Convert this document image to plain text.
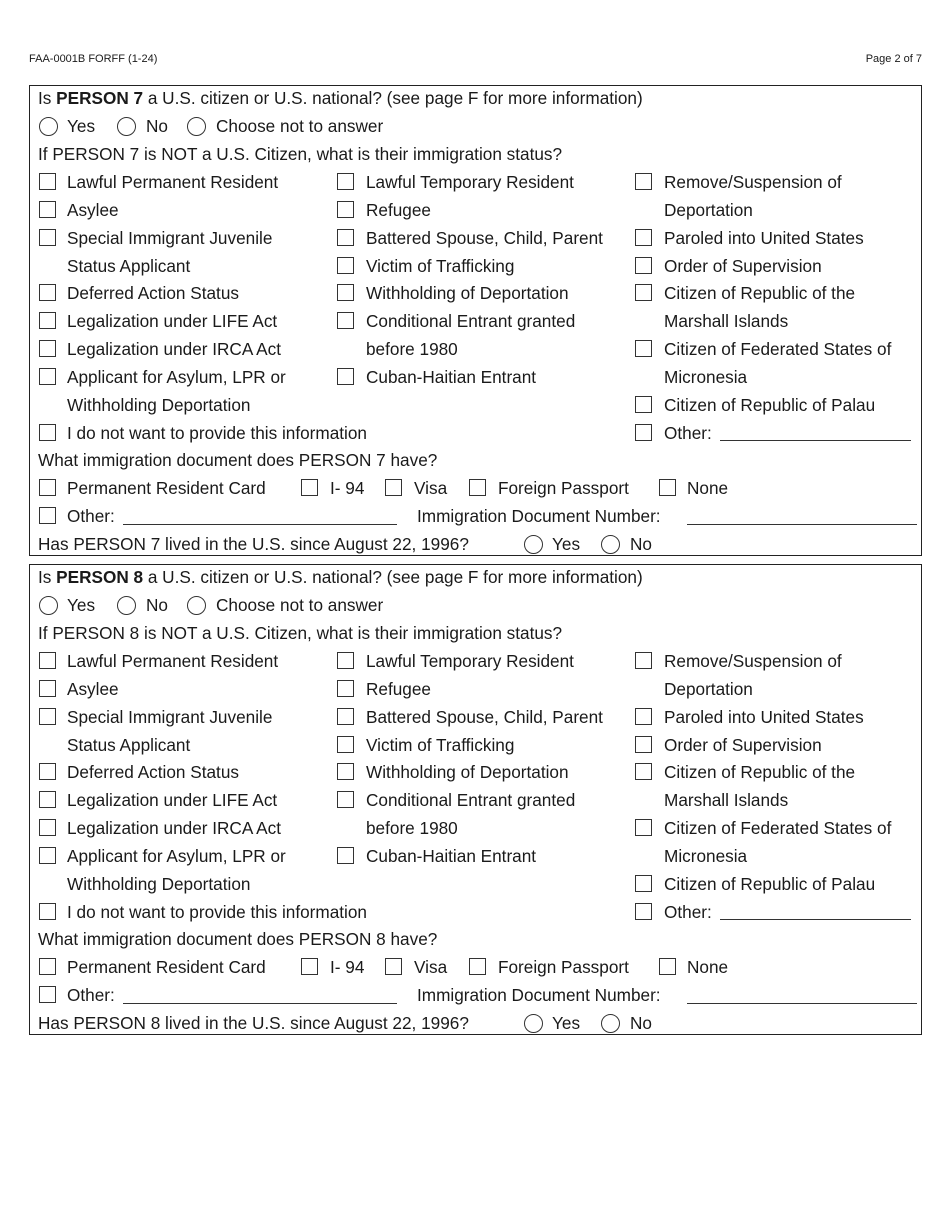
FAA-0001B FORFF (1-24)	Page 2 of 7
Is PERSON 7 a U.S. citizen or U.S. national? (see page F for more information)
Yes	No	Choose not to answer
If PERSON 7 is NOT a U.S. Citizen, what is their immigration status?
Lawful Permanent Resident
Asylee
Special Immigrant Juvenile
Status Applicant
Deferred Action Status
Legalization under LIFE Act
Legalization under IRCA Act
Applicant for Asylum, LPR or
Withholding Deportation
I do not want to provide this information
Lawful Temporary Resident
Refugee
Battered Spouse, Child, Parent
Victim of Trafficking
Withholding of Deportation
Conditional Entrant granted
before 1980
Cuban-Haitian Entrant
Remove/Suspension of
Deportation
Paroled into United States
Order of Supervision
Citizen of Republic of the
Marshall Islands
Citizen of Federated States of
Micronesia
Citizen of Republic of Palau
Other:
What immigration document does PERSON 7 have?
Permanent Resident Card	I- 94	Visa	Foreign Passport	None
Other:	Immigration Document Number:
Has PERSON 7 lived in the U.S. since August 22, 1996?	Yes	No
Is PERSON 8 a U.S. citizen or U.S. national? (see page F for more information)
Yes	No	Choose not to answer
If PERSON 8 is NOT a U.S. Citizen, what is their immigration status?
Lawful Permanent Resident
Asylee
Special Immigrant Juvenile
Status Applicant
Deferred Action Status
Legalization under LIFE Act
Legalization under IRCA Act
Applicant for Asylum, LPR or
Withholding Deportation
I do not want to provide this information
Lawful Temporary Resident
Refugee
Battered Spouse, Child, Parent
Victim of Trafficking
Withholding of Deportation
Conditional Entrant granted
before 1980
Cuban-Haitian Entrant
Remove/Suspension of
Deportation
Paroled into United States
Order of Supervision
Citizen of Republic of the
Marshall Islands
Citizen of Federated States of
Micronesia
Citizen of Republic of Palau
Other:
What immigration document does PERSON 8 have?
Permanent Resident Card	I- 94	Visa	Foreign Passport	None
Other:	Immigration Document Number:
Has PERSON 8 lived in the U.S. since August 22, 1996?	Yes	No
